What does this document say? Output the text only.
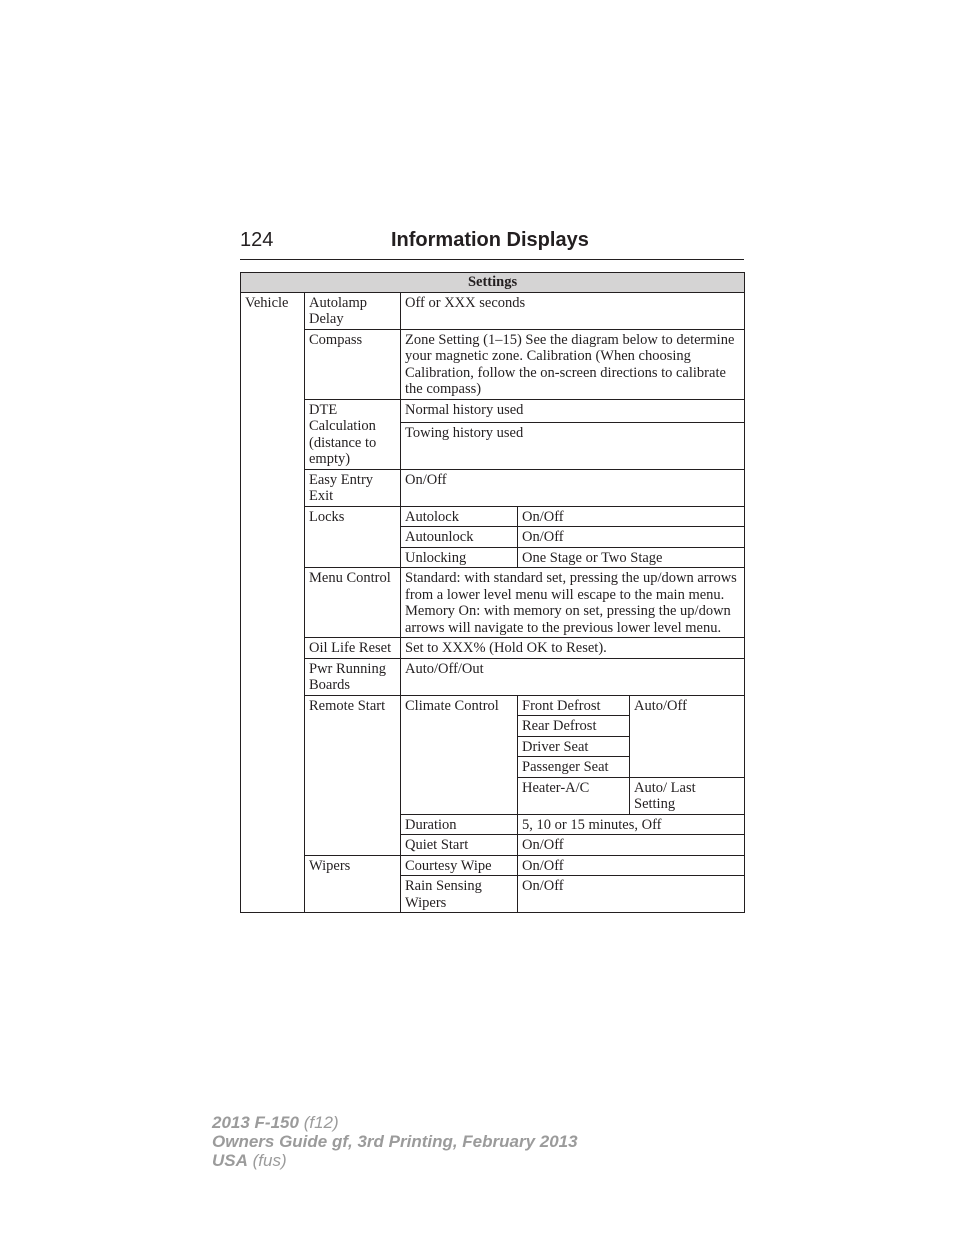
124	Information Displays
Settings				
Vehicle	Autolamp Delay	Off or XXX seconds		
	Compass	Zone Setting (1–15) See the diagram below to determine your magnetic zone. Calibration (When choosing Calibration, follow the on-screen directions to calibrate the compass)		
	DTE Calculation (distance to empty)	Normal history used		
		Towing history used		
	Easy Entry Exit	On/Off		
	Locks	Autolock	On/Off	
		Autounlock	On/Off	
		Unlocking	One Stage or Two Stage	
	Menu Control	Standard: with standard set, pressing the up/down arrows from a lower level menu will escape to the main menu.
Memory On: with memory on set, pressing the up/down arrows will navigate to the previous lower level menu.		
	Oil Life Reset	Set to XXX% (Hold OK to Reset).		
	Pwr Running Boards	Auto/Off/Out		
	Remote Start	Climate Control	Front Defrost	Auto/Off
			Rear Defrost	
			Driver Seat	
			Passenger Seat	
			Heater-A/C	Auto/ Last Setting
		Duration	5, 10 or 15 minutes, Off	
		Quiet Start	On/Off	
	Wipers	Courtesy Wipe	On/Off	
		Rain Sensing Wipers	On/Off	
2013 F-150 (f12)
Owners Guide gf, 3rd Printing, February 2013
USA (fus)
